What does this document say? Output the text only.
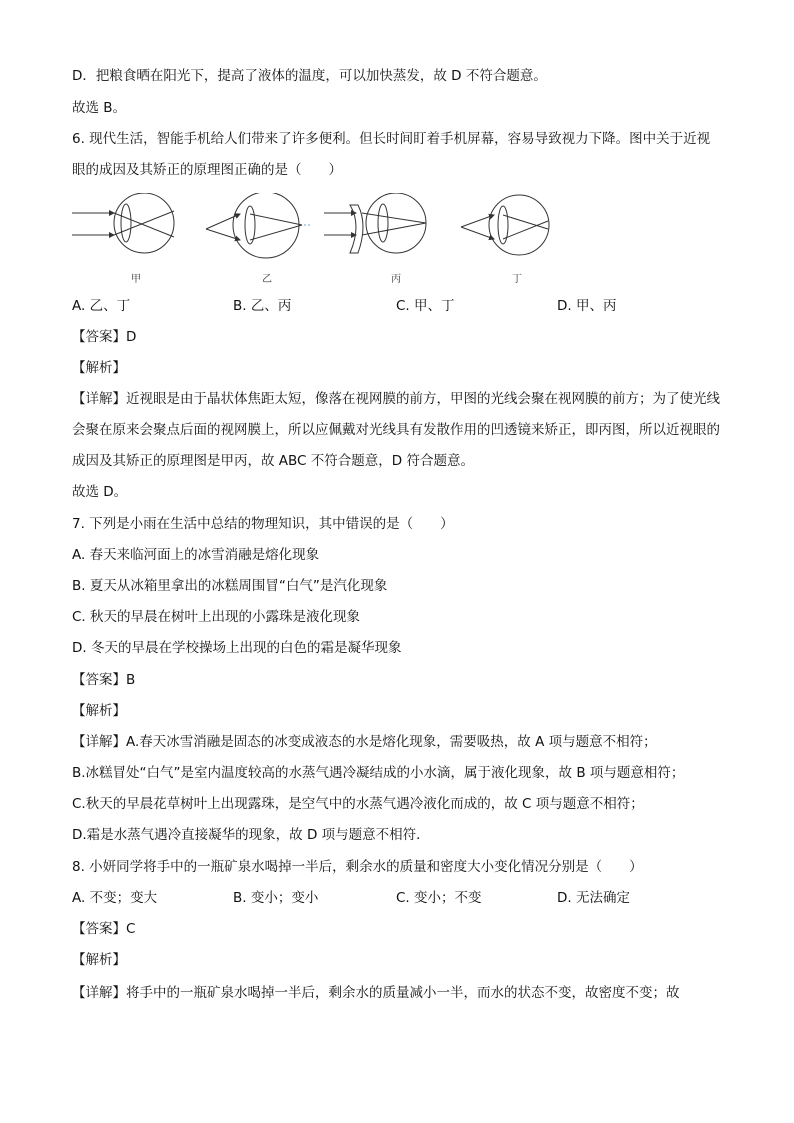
D．把粮食晒在阳光下，提高了液体的温度，可以加快蒸发，故 D 不符合题意。
故选 B。
6. 现代生活，智能手机给人们带来了许多便利。但长时间盯着手机屏幕，容易导致视力下降。图中关于近视眼的成因及其矫正的原理图正确的是（　　）
甲	乙	丙	丁
A. 乙、丁	B. 乙、丙	C. 甲、丁	D. 甲、丙
【答案】D
【解析】
【详解】近视眼是由于晶状体焦距太短，像落在视网膜的前方，甲图的光线会聚在视网膜的前方；为了使光线会聚在原来会聚点后面的视网膜上，所以应佩戴对光线具有发散作用的凹透镜来矫正，即丙图，所以近视眼的成因及其矫正的原理图是甲丙，故 ABC 不符合题意，D 符合题意。
故选 D。
7. 下列是小雨在生活中总结的物理知识，其中错误的是（　　）
A. 春天来临河面上的冰雪消融是熔化现象
B. 夏天从冰箱里拿出的冰糕周围冒“白气”是汽化现象
C. 秋天的早晨在树叶上出现的小露珠是液化现象
D. 冬天的早晨在学校操场上出现的白色的霜是凝华现象
【答案】B
【解析】
【详解】A.春天冰雪消融是固态的冰变成液态的水是熔化现象，需要吸热，故 A 项与题意不相符；
B.冰糕冒处“白气”是室内温度较高的水蒸气遇冷凝结成的小水滴，属于液化现象，故 B 项与题意相符；
C.秋天的早晨花草树叶上出现露珠，是空气中的水蒸气遇冷液化而成的，故 C 项与题意不相符；
D.霜是水蒸气遇冷直接凝华的现象，故 D 项与题意不相符．
8. 小妍同学将手中的一瓶矿泉水喝掉一半后，剩余水的质量和密度大小变化情况分别是（　　）
A. 不变；变大	B. 变小；变小	C. 变小；不变	D. 无法确定
【答案】C
【解析】
【详解】将手中的一瓶矿泉水喝掉一半后，剩余水的质量减小一半，而水的状态不变，故密度不变；故
